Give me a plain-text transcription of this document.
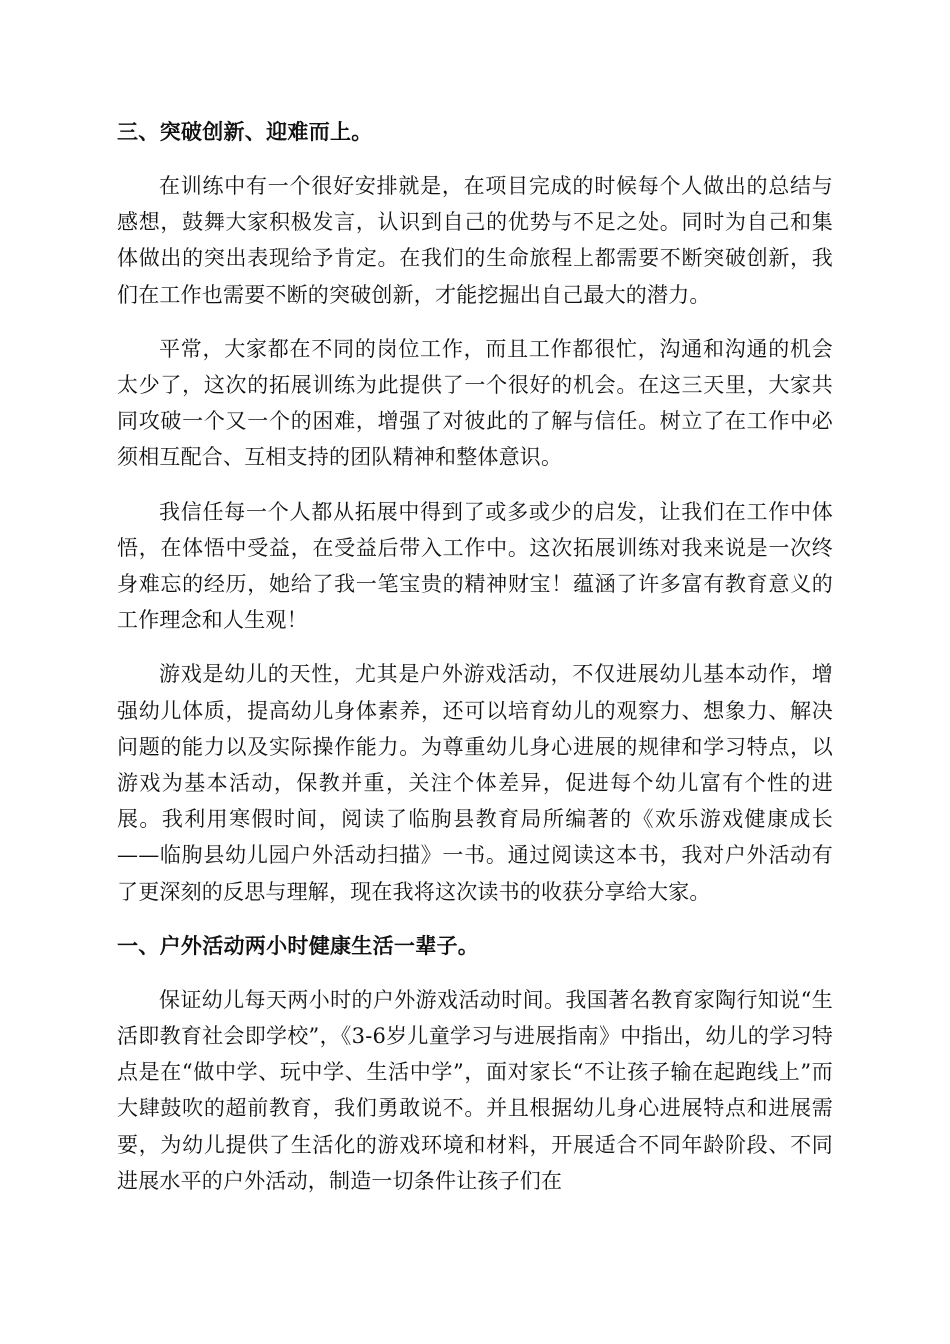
三、突破创新、迎难而上。

在训练中有一个很好安排就是，在项目完成的时候每个人做出的总结与感想，鼓舞大家积极发言，认识到自己的优势与不足之处。同时为自己和集体做出的突出表现给予肯定。在我们的生命旅程上都需要不断突破创新，我们在工作也需要不断的突破创新，才能挖掘出自己最大的潜力。

平常，大家都在不同的岗位工作，而且工作都很忙，沟通和沟通的机会太少了，这次的拓展训练为此提供了一个很好的机会。在这三天里，大家共同攻破一个又一个的困难，增强了对彼此的了解与信任。树立了在工作中必须相互配合、互相支持的团队精神和整体意识。

我信任每一个人都从拓展中得到了或多或少的启发，让我们在工作中体悟，在体悟中受益，在受益后带入工作中。这次拓展训练对我来说是一次终身难忘的经历，她给了我一笔宝贵的精神财宝！蕴涵了许多富有教育意义的工作理念和人生观！

游戏是幼儿的天性，尤其是户外游戏活动，不仅进展幼儿基本动作，增强幼儿体质，提高幼儿身体素养，还可以培育幼儿的观察力、想象力、解决问题的能力以及实际操作能力。为尊重幼儿身心进展的规律和学习特点，以游戏为基本活动，保教并重，关注个体差异，促进每个幼儿富有个性的进展。我利用寒假时间，阅读了临朐县教育局所编著的《欢乐游戏健康成长——临朐县幼儿园户外活动扫描》一书。通过阅读这本书，我对户外活动有了更深刻的反思与理解，现在我将这次读书的收获分享给大家。

一、户外活动两小时健康生活一辈子。

保证幼儿每天两小时的户外游戏活动时间。我国著名教育家陶行知说“生活即教育社会即学校”，《3-6岁儿童学习与进展指南》中指出，幼儿的学习特点是在“做中学、玩中学、生活中学”，面对家长“不让孩子输在起跑线上”而大肆鼓吹的超前教育，我们勇敢说不。并且根据幼儿身心进展特点和进展需要，为幼儿提供了生活化的游戏环境和材料，开展适合不同年龄阶段、不同进展水平的户外活动，制造一切条件让孩子们在
